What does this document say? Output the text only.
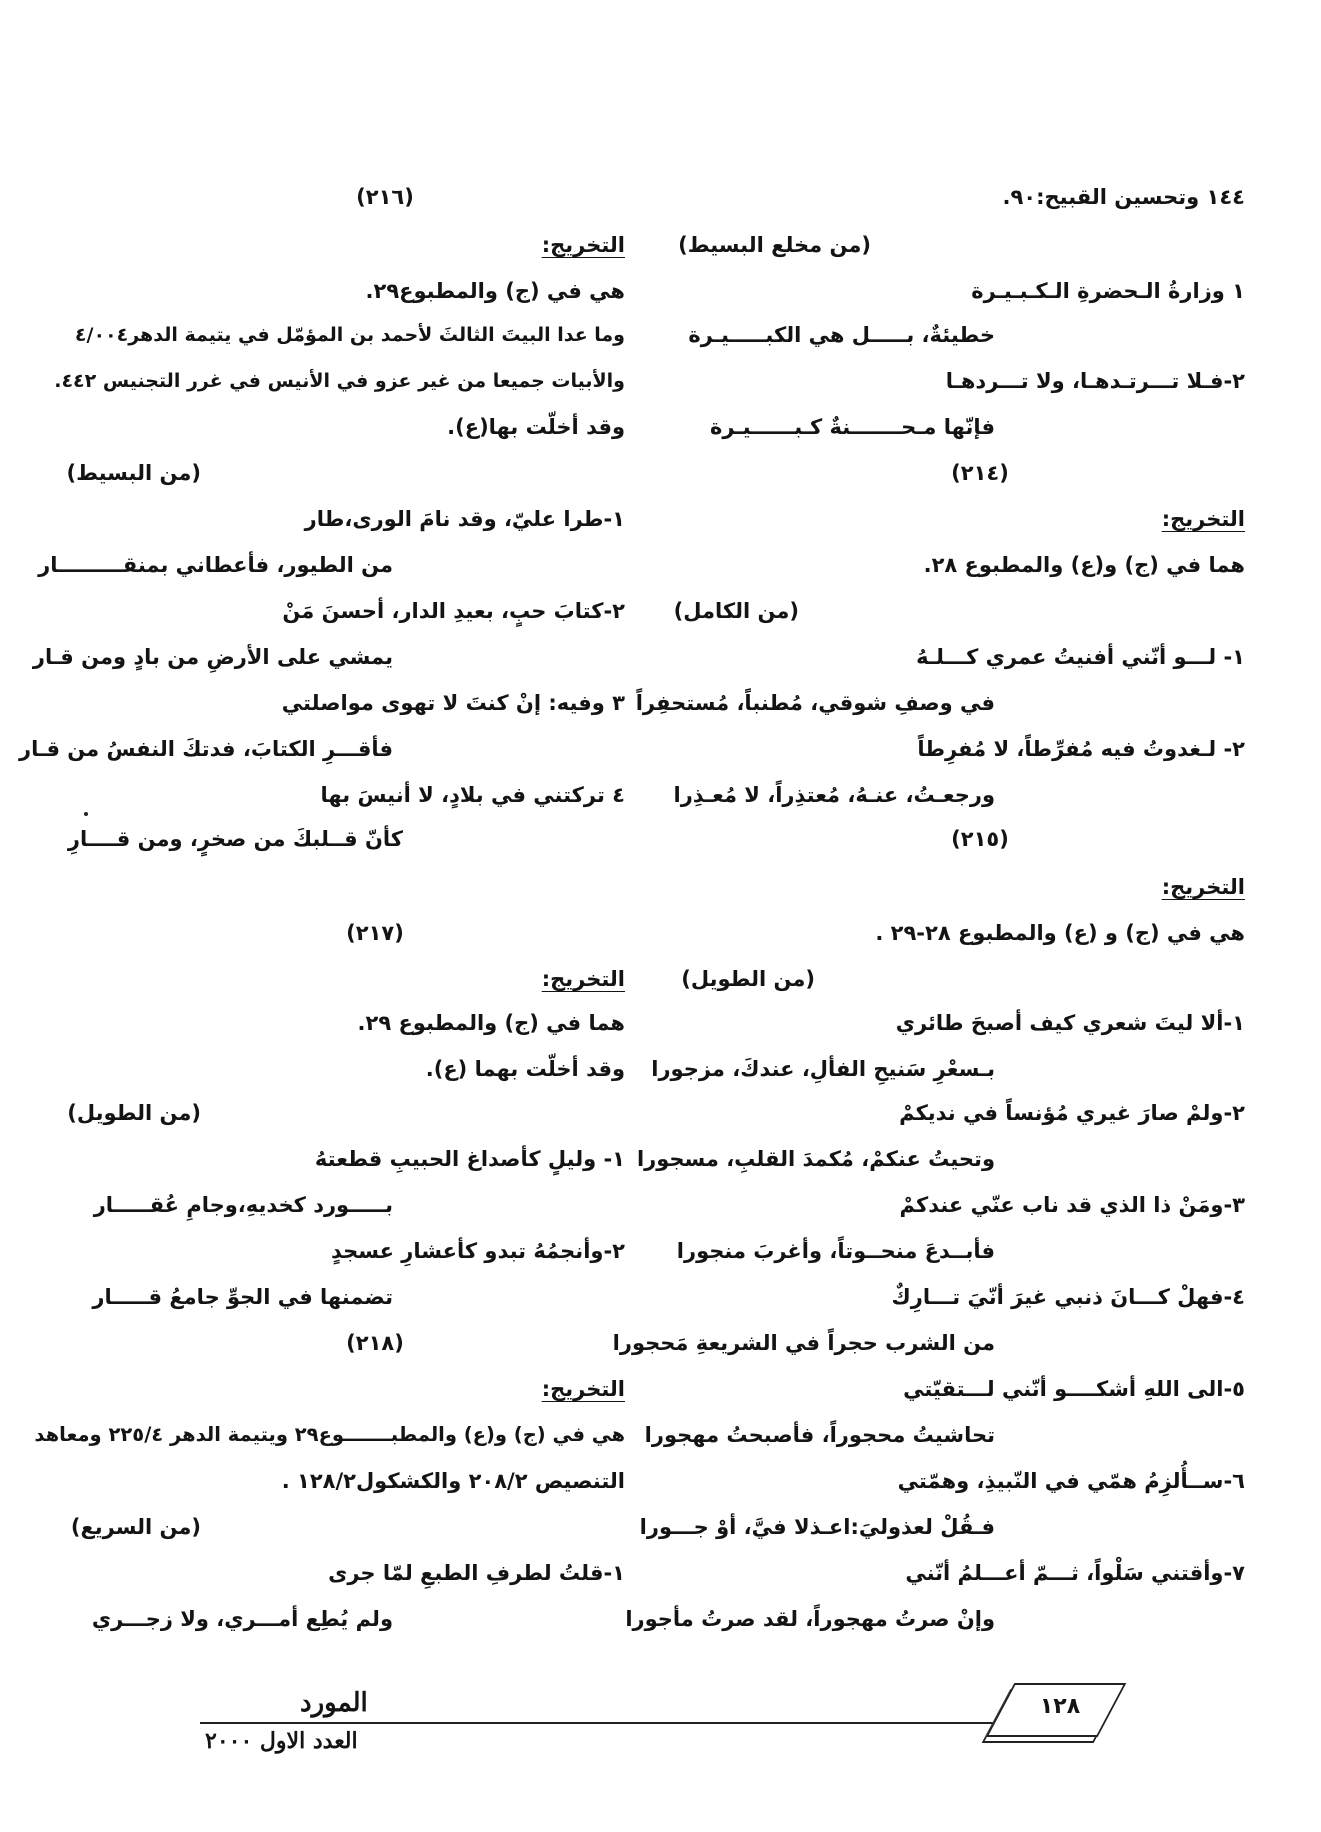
١٤٤ وتحسين القبيح:٩٠.
(من مخلع البسيط)
١ وزارةُ الـحضرةِ الـكـبـيـرة
خطيئةٌ، بـــــل هي الكبـــــيـرة
٢-فـلا تـــرتـدهـا، ولا تـــردهـا
فإنّها مـحـــــــنةٌ كـبــــــيـرة
(٢١٤)
التخريج:
هما في (ج) و(ع) والمطبوع ٢٨.
(من الكامل)
١- لـــو أنّني أفنيتُ عمري كـــلـهُ
في وصفِ شوقي، مُطنباً، مُستحفِراً
٢- لـغدوتُ فيه مُفرِّطاً، لا مُفرِطاً
ورجعـتُ، عنـهُ، مُعتذِراً، لا مُعـذِرا
(٢١٥)
التخريج:
هي في (ج) و (ع) والمطبوع ٢٨-٢٩ .
(من الطويل)
١-ألا ليتَ شعري كيف أصبحَ طائري
بـسعْرِ سَنيحِ الفألِ، عندكَ، مزجورا
٢-ولمْ صارَ غيري مُؤنساً في نديكمْ
وتحيتُ عنكمْ، مُكمدَ القلبِ، مسجورا
٣-ومَنْ ذا الذي قد ناب عنّي عندكمْ
فأبــدعَ منحــوتاً، وأغربَ منجورا
٤-فهلْ كـــانَ ذنبي غيرَ أنّيَ تـــارِكٌ
من الشرب حجراً في الشريعةِ مَحجورا
٥-الى اللهِ أشكــــو أنّني لـــتقيّتي
تحاشيتُ محجوراً، فأصبحتُ مهجورا
٦-ســأُلزِمُ همّي في النّبيذِ، وهمّتي
فـقُلْ لعذوليَ:اعـذلا فيَّ، أوْ جـــورا
٧-وأقتني سَلْواً، ثـــمّ أعـــلمُ أنّني
وإنْ صرتُ مهجوراً، لقد صرتُ مأجورا
(٢١٦)
التخريج:
هي في (ج) والمطبوع٢٩.
وما عدا البيتَ الثالثَ لأحمد بن المؤمّل في يتيمة الدهر٤/٠٠٤
والأبيات جميعا من غير عزو في الأنيس في غرر التجنيس ٤٤٢.
وقد أخلّت بها(ع).
(من البسيط)
١-طرا عليّ، وقد نامَ الورى،طار
من الطيور، فأعطاني بمنقـــــــــار
٢-كتابَ حبٍ، بعيدِ الدار، أحسنَ مَنْ
يمشي على الأرضِ من بادٍ ومن قـار
٣ وفيه: إنْ كنتَ لا تهوى مواصلتي
فأقـــرِ الكتابَ، فدتكَ النفسُ من قـار
٤ تركتني في بلادٍ، لا أنيسَ بها
كأنّ قــلبكَ من صخرٍ، ومن قــــارِ
(٢١٧)
التخريج:
هما في (ج) والمطبوع ٢٩.
وقد أخلّت بهما (ع).
(من الطويل)
١- وليلٍ كأصداغ الحبيبِ قطعتهُ
بـــــورد كخديهِ،وجامِ عُقـــــار
٢-وأنجمُهُ تبدو كأعشارِ عسجدٍ
تضمنها في الجوِّ جامعُ قـــــار
(٢١٨)
التخريج:
هي في (ج) و(ع) والمطبـــــــوع٢٩ ويتيمة الدهر ٢٢٥/٤ ومعاهد
التنصيص ٢٠٨/٢ والكشكول١٢٨/٢ .
(من السريع)
١-قلتُ لطرفِ الطبعِ لمّا جرى
ولم يُطِع أمـــري، ولا زجـــري
١٢٨
المورد
العدد الاول ٢٠٠٠
